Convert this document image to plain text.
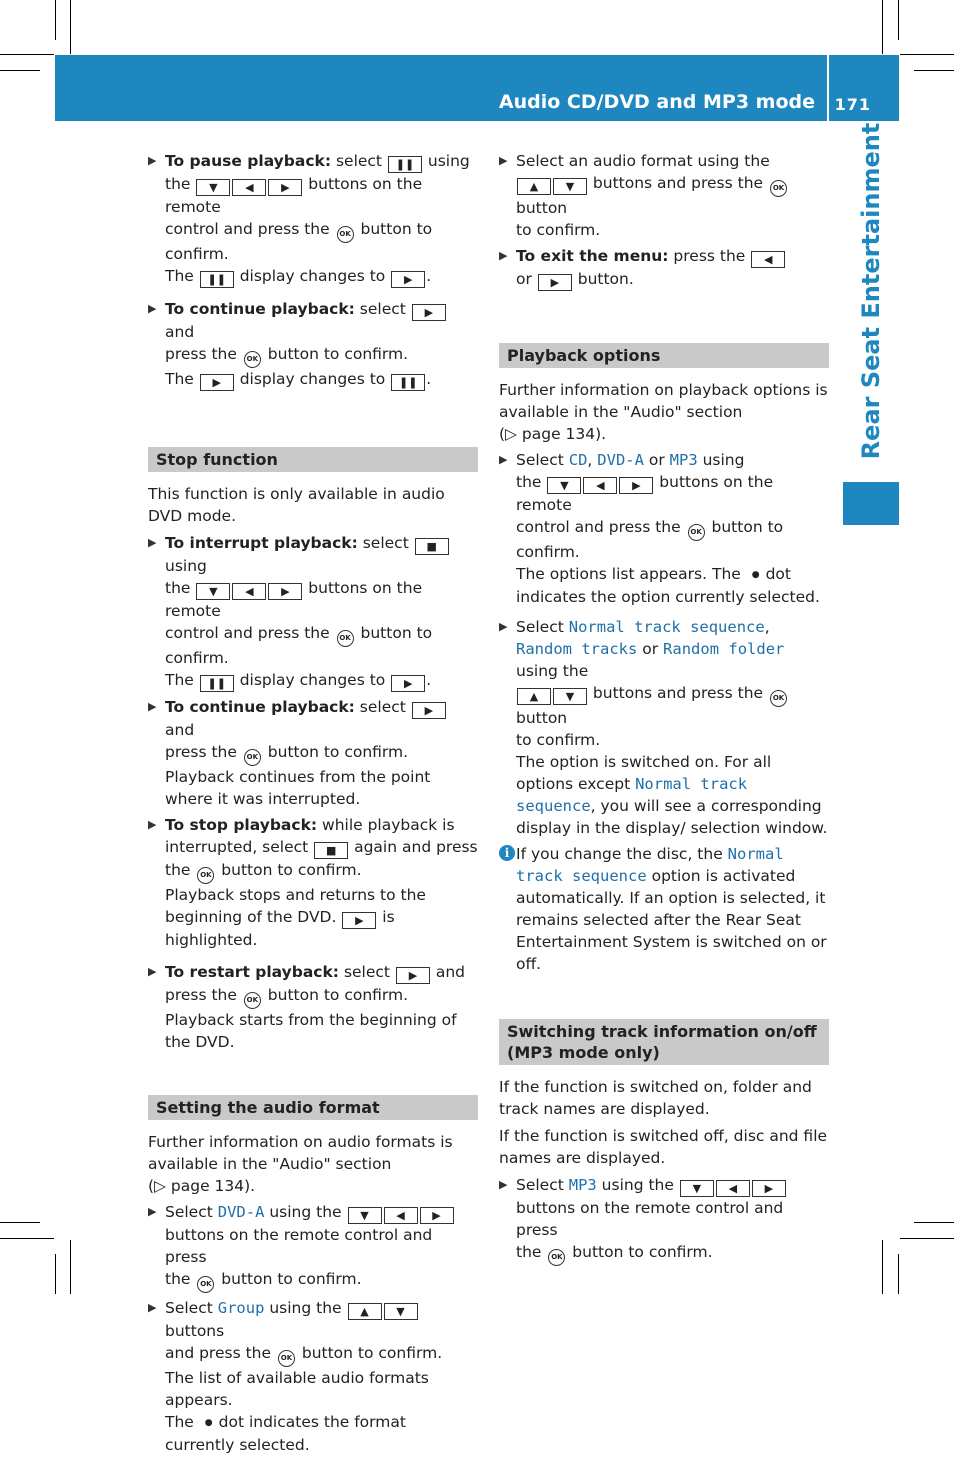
Audio CD/DVD and MP3 mode 171
Rear Seat Entertainment
▶ To pause playback: select ❚❚ using
the ▼	◀	▶ buttons on the remote
control and press the OK button to confirm.
The ❚❚ display changes to ▶ .
▶ To continue playback: select ▶ and
press the OK button to confirm.
The ▶ display changes to ❚❚ .
Stop function

This function is only available in audio DVD mode.

▶ To interrupt playback: select ■ using
the ▼	◀	▶ buttons on the remote
control and press the OK button to confirm.
The ❚❚ display changes to ▶ .
▶ To continue playback: select ▶ and
press the OK button to confirm.
Playback continues from the point where it was interrupted.
▶ To stop playback: while playback is interrupted, select ■ again and press
the OK button to confirm.
Playback stops and returns to the beginning of the DVD. ▶ is highlighted.
▶ To restart playback: select ▶ and
press the OK button to confirm.
Playback starts from the beginning of the DVD.
Setting the audio format

Further information on audio formats is available in the "Audio" section
(▷ page 134).

▶ Select DVD-A using the ▼	◀	▶
buttons on the remote control and press
the OK button to confirm.
▶ Select Group using the ▲	▼ buttons
and press the OK button to confirm.
The list of available audio formats appears.
The ● dot indicates the format currently selected.
▶ Select an audio format using the
▲	▼ buttons and press the OK button
to confirm.
▶ To exit the menu: press the ◀
or ▶ button.
Playback options

Further information on playback options is available in the "Audio" section
(▷ page 134).

▶ Select CD, DVD-A or MP3 using
the ▼	◀	▶ buttons on the remote
control and press the OK button to confirm.
The options list appears. The ● dot
indicates the option currently selected.
▶ Select Normal track sequence, Random tracks or Random folder using the
▲	▼ buttons and press the OK button
to confirm.
The option is switched on. For all options except Normal track sequence, you will see a corresponding display in the display/ selection window.
i If you change the disc, the Normal track sequence option is activated automatically. If an option is selected, it remains selected after the Rear Seat Entertainment System is switched on or off.
Switching track information on/off (MP3 mode only)

If the function is switched on, folder and track names are displayed.

If the function is switched off, disc and file names are displayed.

▶ Select MP3 using the ▼	◀	▶
buttons on the remote control and press
the OK button to confirm.
